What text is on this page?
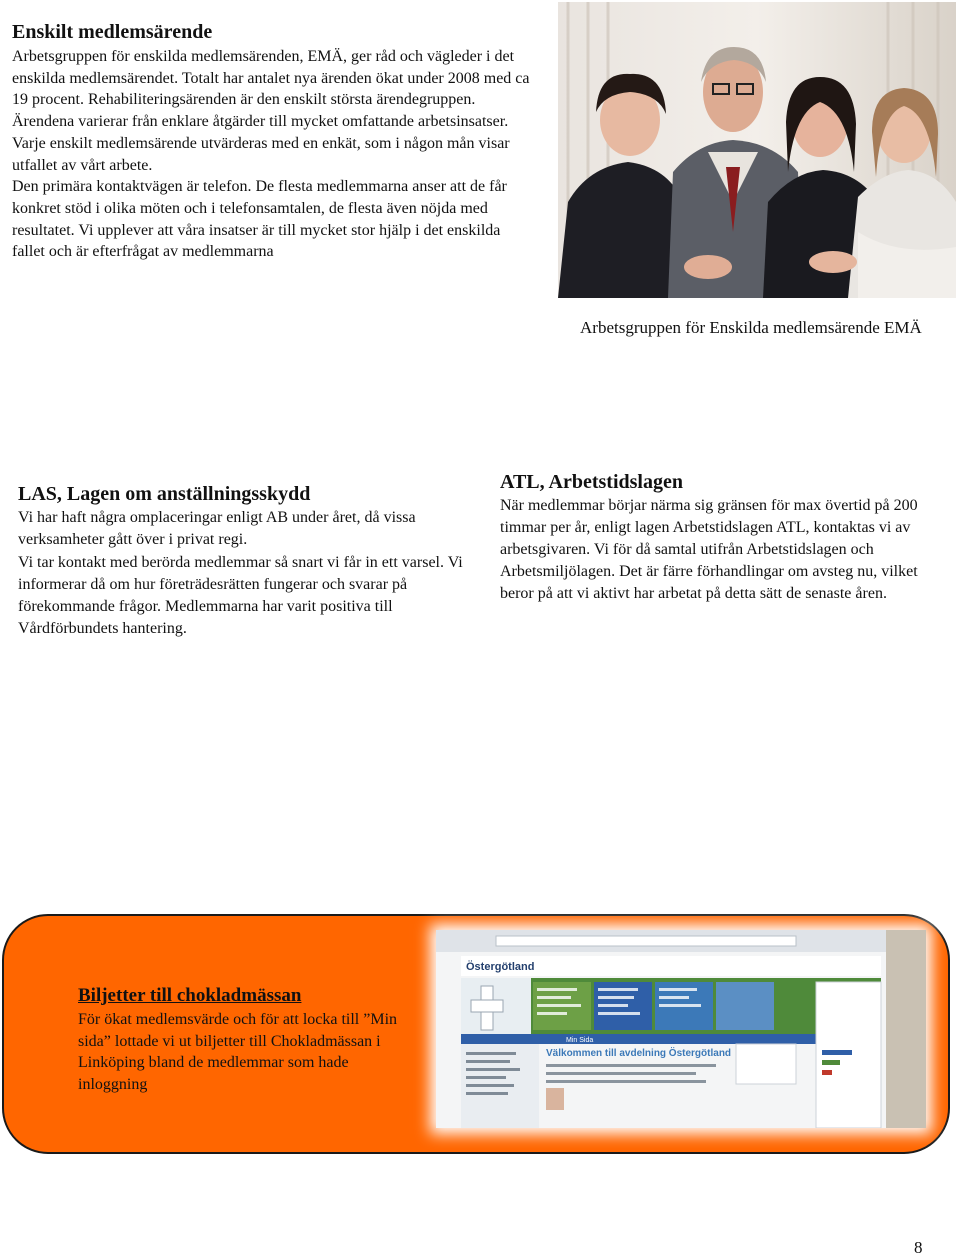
Enskilt medlemsärende

Arbetsgruppen för enskilda medlemsärenden, EMÄ, ger råd och vägleder i det enskilda medlemsärendet. Totalt har antalet nya ärenden ökat under 2008 med ca 19 procent. Rehabiliteringsärenden är den enskilt största ärendegruppen. Ärendena varierar från enklare åtgärder till mycket omfattande arbetsinsatser.

Varje enskilt medlemsärende utvärderas med en enkät, som i någon mån visar utfallet av vårt arbete.

Den primära kontaktvägen är telefon. De flesta medlemmarna anser att de får konkret stöd i olika möten och i telefonsamtalen, de flesta även nöjda med resultatet. Vi upplever att våra insatser är till mycket stor hjälp i det enskilda fallet och är efterfrågat av medlemmarna

Arbetsgruppen för Enskilda medlemsärende EMÄ
LAS, Lagen om anställningsskydd

Vi har haft några omplaceringar enligt AB under året, då vissa verksamheter gått över i privat regi.

Vi tar kontakt med berörda medlemmar så snart vi får in ett varsel. Vi informerar då om hur företrädesrätten fungerar och svarar på förekommande frågor. Medlemmarna har varit positiva till Vårdförbundets hantering.

ATL, Arbetstidslagen

När medlemmar börjar närma sig gränsen för max övertid på 200 timmar per år, enligt lagen Arbetstidslagen ATL, kontaktas vi av arbetsgivaren. Vi för då samtal utifrån Arbetstidslagen och Arbetsmiljölagen. Det är färre förhandlingar om avsteg nu, vilket beror på att vi aktivt har arbetat på detta sätt de senaste åren.

Biljetter till chokladmässan

För ökat medlemsvärde och för att locka till ”Min sida” lottade vi ut biljetter till Chokladmässan i Linköping bland de medlemmar som hade inloggning

Östergötland
Min Sida
Välkommen till avdelning Östergötland
8
